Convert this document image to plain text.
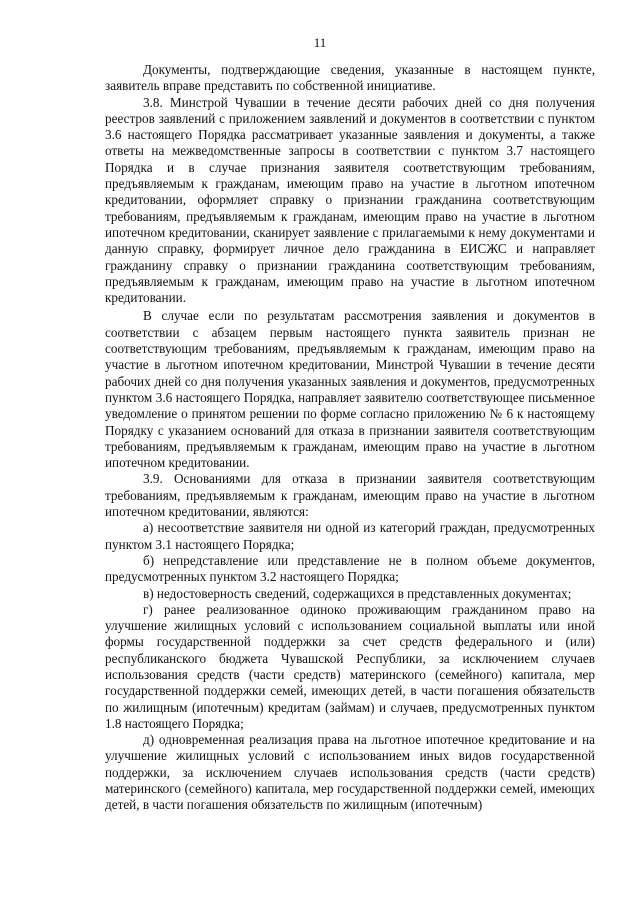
11

Документы, подтверждающие сведения, указанные в настоящем пункте, заявитель вправе представить по собственной инициативе.

3.8. Минстрой Чувашии в течение десяти рабочих дней со дня получения реестров заявлений с приложением заявлений и документов в соответствии с пунктом 3.6 настоящего Порядка рассматривает указанные заявления и документы, а также ответы на межведомственные запросы в соответствии с пунктом 3.7 настоящего Порядка и в случае признания заявителя соответствующим требованиям, предъявляемым к гражданам, имеющим право на участие в льготном ипотечном кредитовании, оформляет справку о признании гражданина соответствующим требованиям, предъявляемым к гражданам, имеющим право на участие в льготном ипотечном кредитовании, сканирует заявление с прилагаемыми к нему документами и данную справку, формирует личное дело гражданина в ЕИСЖС и направляет гражданину справку о признании гражданина соответствующим требованиям, предъявляемым к гражданам, имеющим право на участие в льготном ипотечном кредитовании.

В случае если по результатам рассмотрения заявления и документов в соответствии с абзацем первым настоящего пункта заявитель признан не соответствующим требованиям, предъявляемым к гражданам, имеющим право на участие в льготном ипотечном кредитовании, Минстрой Чувашии в течение десяти рабочих дней со дня получения указанных заявления и документов, предусмотренных пунктом 3.6 настоящего Порядка, направляет заявителю соответствующее письменное уведомление о принятом решении по форме согласно приложению № 6 к настоящему Порядку с указанием оснований для отказа в признании заявителя соответствующим требованиям, предъявляемым к гражданам, имеющим право на участие в льготном ипотечном кредитовании.

3.9. Основаниями для отказа в признании заявителя соответствующим требованиям, предъявляемым к гражданам, имеющим право на участие в льготном ипотечном кредитовании, являются:

а) несоответствие заявителя ни одной из категорий граждан, предусмотренных пунктом 3.1 настоящего Порядка;

б) непредставление или представление не в полном объеме документов, предусмотренных пунктом 3.2 настоящего Порядка;

в) недостоверность сведений, содержащихся в представленных документах;

г) ранее реализованное одиноко проживающим гражданином право на улучшение жилищных условий с использованием социальной выплаты или иной формы государственной поддержки за счет средств федерального и (или) республиканского бюджета Чувашской Республики, за исключением случаев использования средств (части средств) материнского (семейного) капитала, мер государственной поддержки семей, имеющих детей, в части погашения обязательств по жилищным (ипотечным) кредитам (займам) и случаев, предусмотренных пунктом 1.8 настоящего Порядка;

д) одновременная реализация права на льготное ипотечное кредитование и на улучшение жилищных условий с использованием иных видов государственной поддержки, за исключением случаев использования средств (части средств) материнского (семейного) капитала, мер государственной поддержки семей, имеющих детей, в части погашения обязательств по жилищным (ипотечным)
